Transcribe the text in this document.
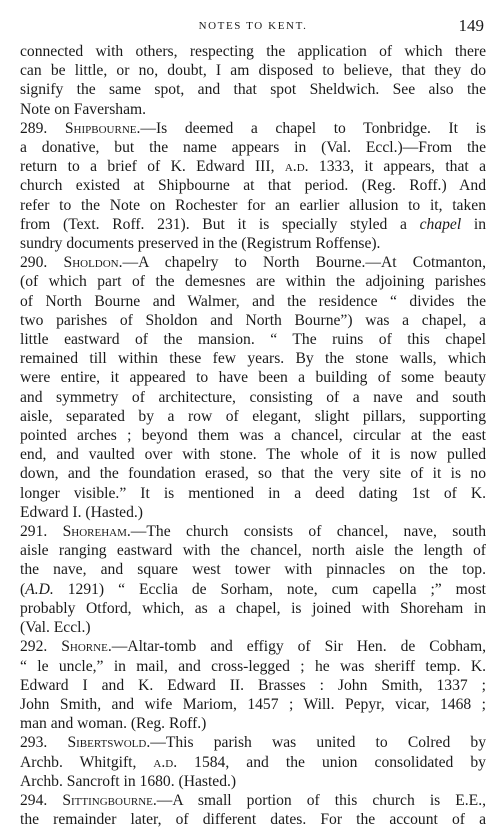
NOTES TO KENT.	149
connected with others, respecting the application of which there
can be little, or no, doubt, I am disposed to believe, that they do
signify the same spot, and that spot Sheldwich. See also the
Note on Faversham.
289. Shipbourne.—Is deemed a chapel to Tonbridge. It is
a donative, but the name appears in (Val. Eccl.)—From the
return to a brief of K. Edward III, a.d. 1333, it appears, that a
church existed at Shipbourne at that period. (Reg. Roff.) And
refer to the Note on Rochester for an earlier allusion to it, taken
from (Text. Roff. 231). But it is specially styled a chapel in
sundry documents preserved in the (Registrum Roffense).
290. Sholdon.—A chapelry to North Bourne.—At Cotmanton,
(of which part of the demesnes are within the adjoining parishes
of North Bourne and Walmer, and the residence “ divides the
two parishes of Sholdon and North Bourne”) was a chapel, a
little eastward of the mansion. “ The ruins of this chapel
remained till within these few years. By the stone walls, which
were entire, it appeared to have been a building of some beauty
and symmetry of architecture, consisting of a nave and south
aisle, separated by a row of elegant, slight pillars, supporting
pointed arches ; beyond them was a chancel, circular at the east
end, and vaulted over with stone. The whole of it is now pulled
down, and the foundation erased, so that the very site of it is no
longer visible.” It is mentioned in a deed dating 1st of K.
Edward I. (Hasted.)
291. Shoreham.—The church consists of chancel, nave, south
aisle ranging eastward with the chancel, north aisle the length of
the nave, and square west tower with pinnacles on the top.
(A.D. 1291) “ Ecclia de Sorham, note, cum capella ;” most
probably Otford, which, as a chapel, is joined with Shoreham in
(Val. Eccl.)
292. Shorne.—Altar-tomb and effigy of Sir Hen. de Cobham,
“ le uncle,” in mail, and cross-legged ; he was sheriff temp. K.
Edward I and K. Edward II. Brasses : John Smith, 1337 ;
John Smith, and wife Mariom, 1457 ; Will. Pepyr, vicar, 1468 ;
man and woman. (Reg. Roff.)
293. Sibertswold.—This parish was united to Colred by
Archb. Whitgift, a.d. 1584, and the union consolidated by
Archb. Sancroft in 1680. (Hasted.)
294. Sittingbourne.—A small portion of this church is E.E.,
the remainder later, of different dates. For the account of a
